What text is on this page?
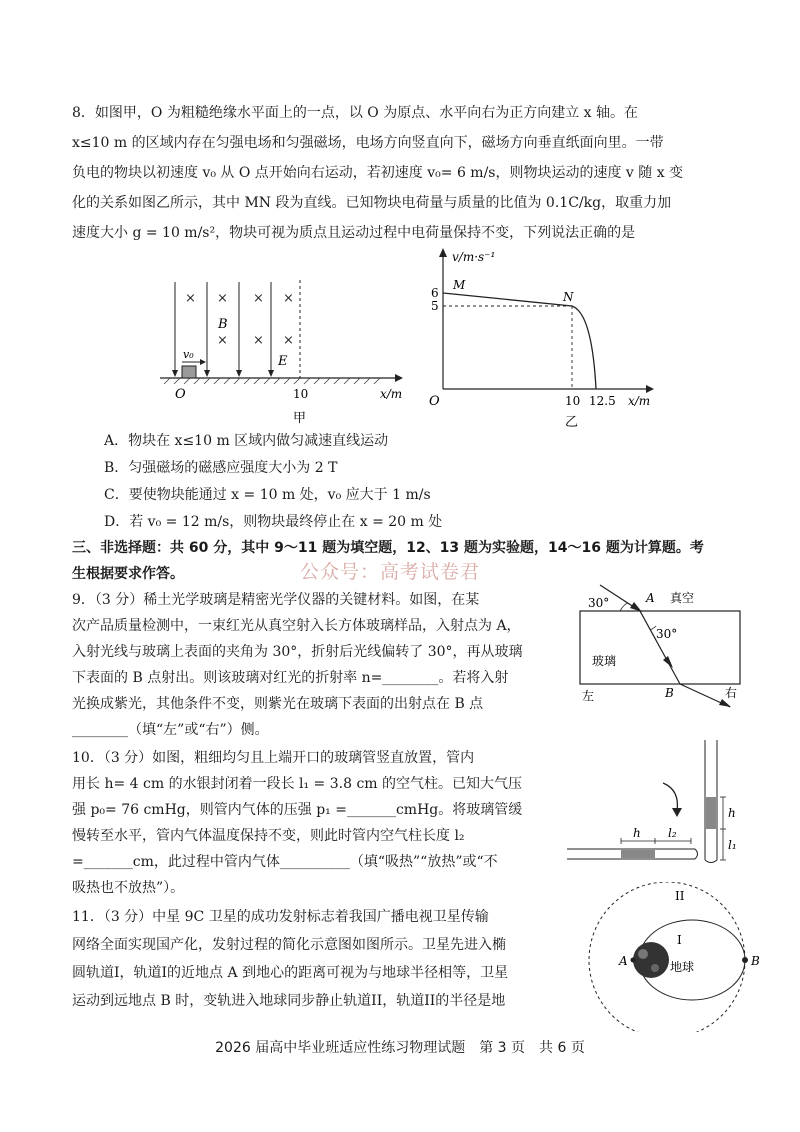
8．如图甲，O 为粗糙绝缘水平面上的一点，以 O 为原点、水平向右为正方向建立 x 轴。在
x≤10 m 的区域内存在匀强电场和匀强磁场，电场方向竖直向下，磁场方向垂直纸面向里。一带
负电的物块以初速度 v₀ 从 O 点开始向右运动，若初速度 v₀= 6 m/s，则物块运动的速度 v 随 x 变
化的关系如图乙所示，其中 MN 段为直线。已知物块电荷量与质量的比值为 0.1C/kg，取重力加
速度大小 g = 10 m/s²，物块可视为质点且运动过程中电荷量保持不变，下列说法正确的是
× × × ×
× × ×
B
E
v₀
O	10	x/m
甲
v/m·s⁻¹
M
N
6
5
O	10 12.5 x/m
乙
A．物块在 x≤10 m 区域内做匀减速直线运动
B．匀强磁场的磁感应强度大小为 2 T
C．要使物块能通过 x = 10 m 处，v₀ 应大于 1 m/s
D．若 v₀ = 12 m/s，则物块最终停止在 x = 20 m 处
三、非选择题：共 60 分，其中 9～11 题为填空题，12、13 题为实验题，14～16 题为计算题。考
生根据要求作答。	公众号：高考试卷君
9．（3 分）稀土光学玻璃是精密光学仪器的关键材料。如图，在某
次产品质量检测中，一束红光从真空射入长方体玻璃样品，入射点为 A，
入射光线与玻璃上表面的夹角为 30°，折射后光线偏转了 30°，再从玻璃
下表面的 B 点射出。则该玻璃对红光的折射率 n=________。若将入射
光换成紫光，其他条件不变，则紫光在玻璃下表面的出射点在 B 点
________（填“左”或“右”）侧。
30°	A 真空
30°
玻璃
左	B	右
10．（3 分）如图，粗细均匀且上端开口的玻璃管竖直放置，管内
用长 h= 4 cm 的水银封闭着一段长 l₁ = 3.8 cm 的空气柱。已知大气压
强 p₀= 76 cmHg，则管内气体的压强 p₁ =_______cmHg。将玻璃管缓
慢转至水平，管内气体温度保持不变，则此时管内空气柱长度 l₂
=_______cm，此过程中管内气体__________（填“吸热”“放热”或“不
吸热也不放热”）。
h
l₁
h l₂
11．（3 分）中星 9C 卫星的成功发射标志着我国广播电视卫星传输
网络全面实现国产化，发射过程的简化示意图如图所示。卫星先进入椭
圆轨道I，轨道I的近地点 A 到地心的距离可视为与地球半径相等，卫星
运动到远地点 B 时，变轨进入地球同步静止轨道II，轨道II的半径是地
II
I
A	B
地球
2026 届高中毕业班适应性练习物理试题　第 3 页　共 6 页
